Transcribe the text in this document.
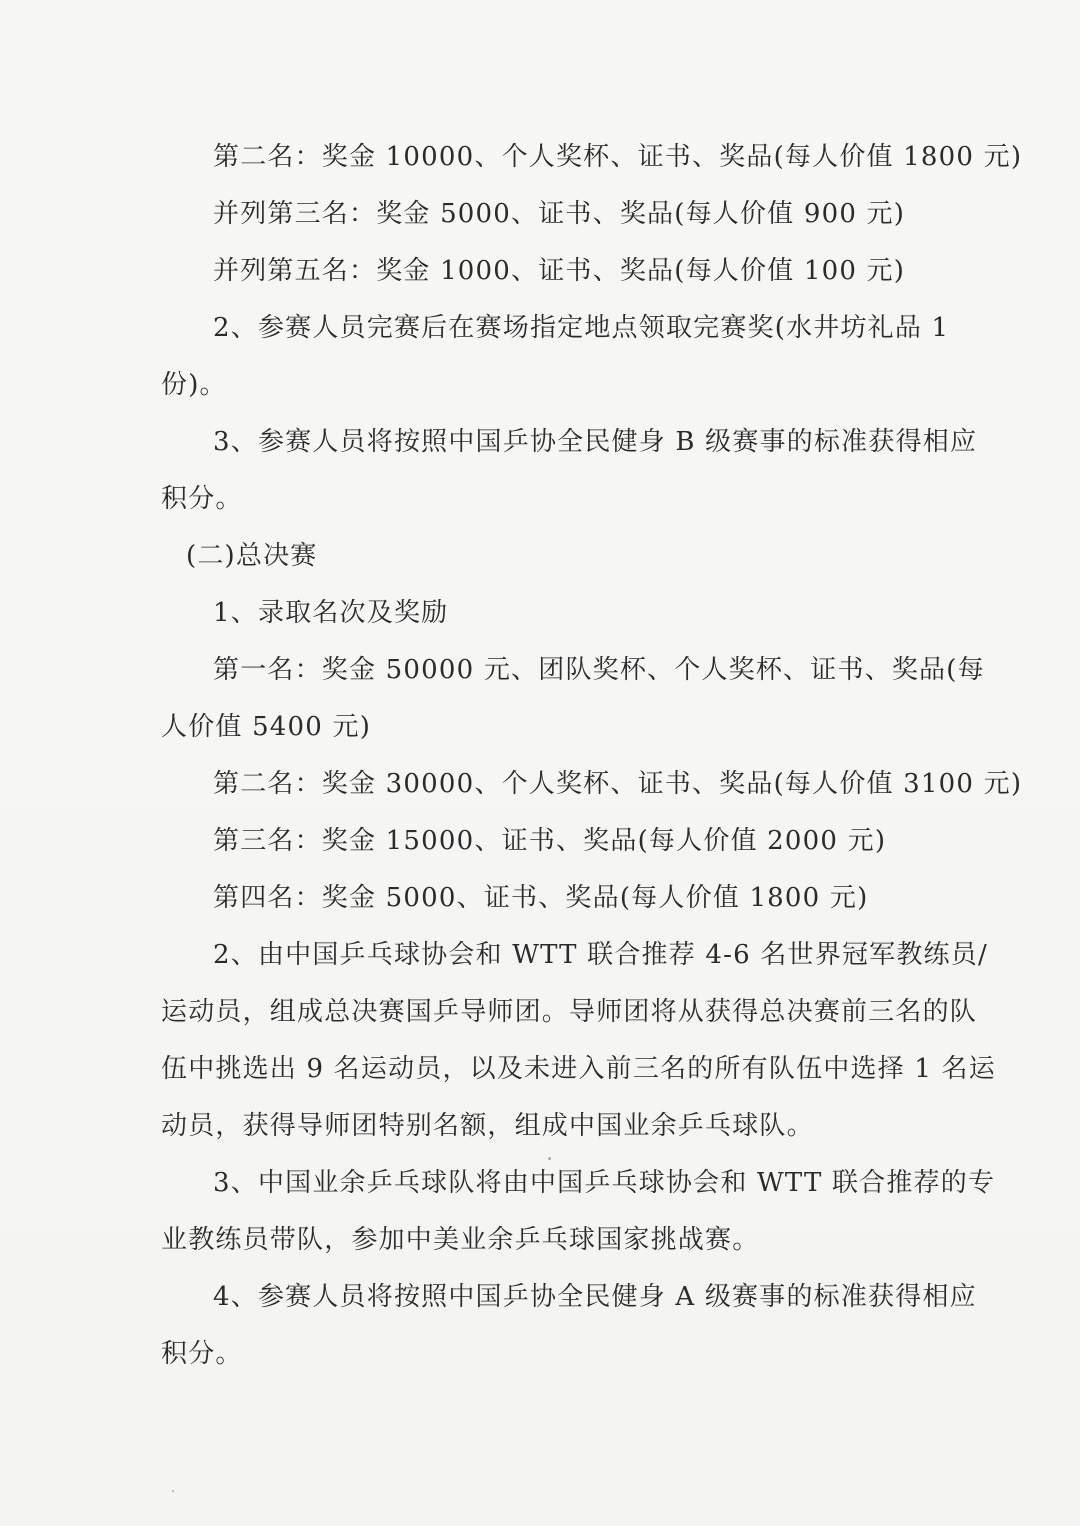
第二名：奖金 10000、个人奖杯、证书、奖品(每人价值 1800 元)
并列第三名：奖金 5000、证书、奖品(每人价值 900 元)
并列第五名：奖金 1000、证书、奖品(每人价值 100 元)
2、参赛人员完赛后在赛场指定地点领取完赛奖(水井坊礼品 1
份)。
3、参赛人员将按照中国乒协全民健身 B 级赛事的标准获得相应
积分。
(二)总决赛
1、录取名次及奖励
第一名：奖金 50000 元、团队奖杯、个人奖杯、证书、奖品(每
人价值 5400 元)
第二名：奖金 30000、个人奖杯、证书、奖品(每人价值 3100 元)
第三名：奖金 15000、证书、奖品(每人价值 2000 元)
第四名：奖金 5000、证书、奖品(每人价值 1800 元)
2、由中国乒乓球协会和 WTT 联合推荐 4-6 名世界冠军教练员/
运动员，组成总决赛国乒导师团。导师团将从获得总决赛前三名的队
伍中挑选出 9 名运动员，以及未进入前三名的所有队伍中选择 1 名运
动员，获得导师团特别名额，组成中国业余乒乓球队。
3、中国业余乒乓球队将由中国乒乓球协会和 WTT 联合推荐的专
业教练员带队，参加中美业余乒乓球国家挑战赛。
4、参赛人员将按照中国乒协全民健身 A 级赛事的标准获得相应
积分。
